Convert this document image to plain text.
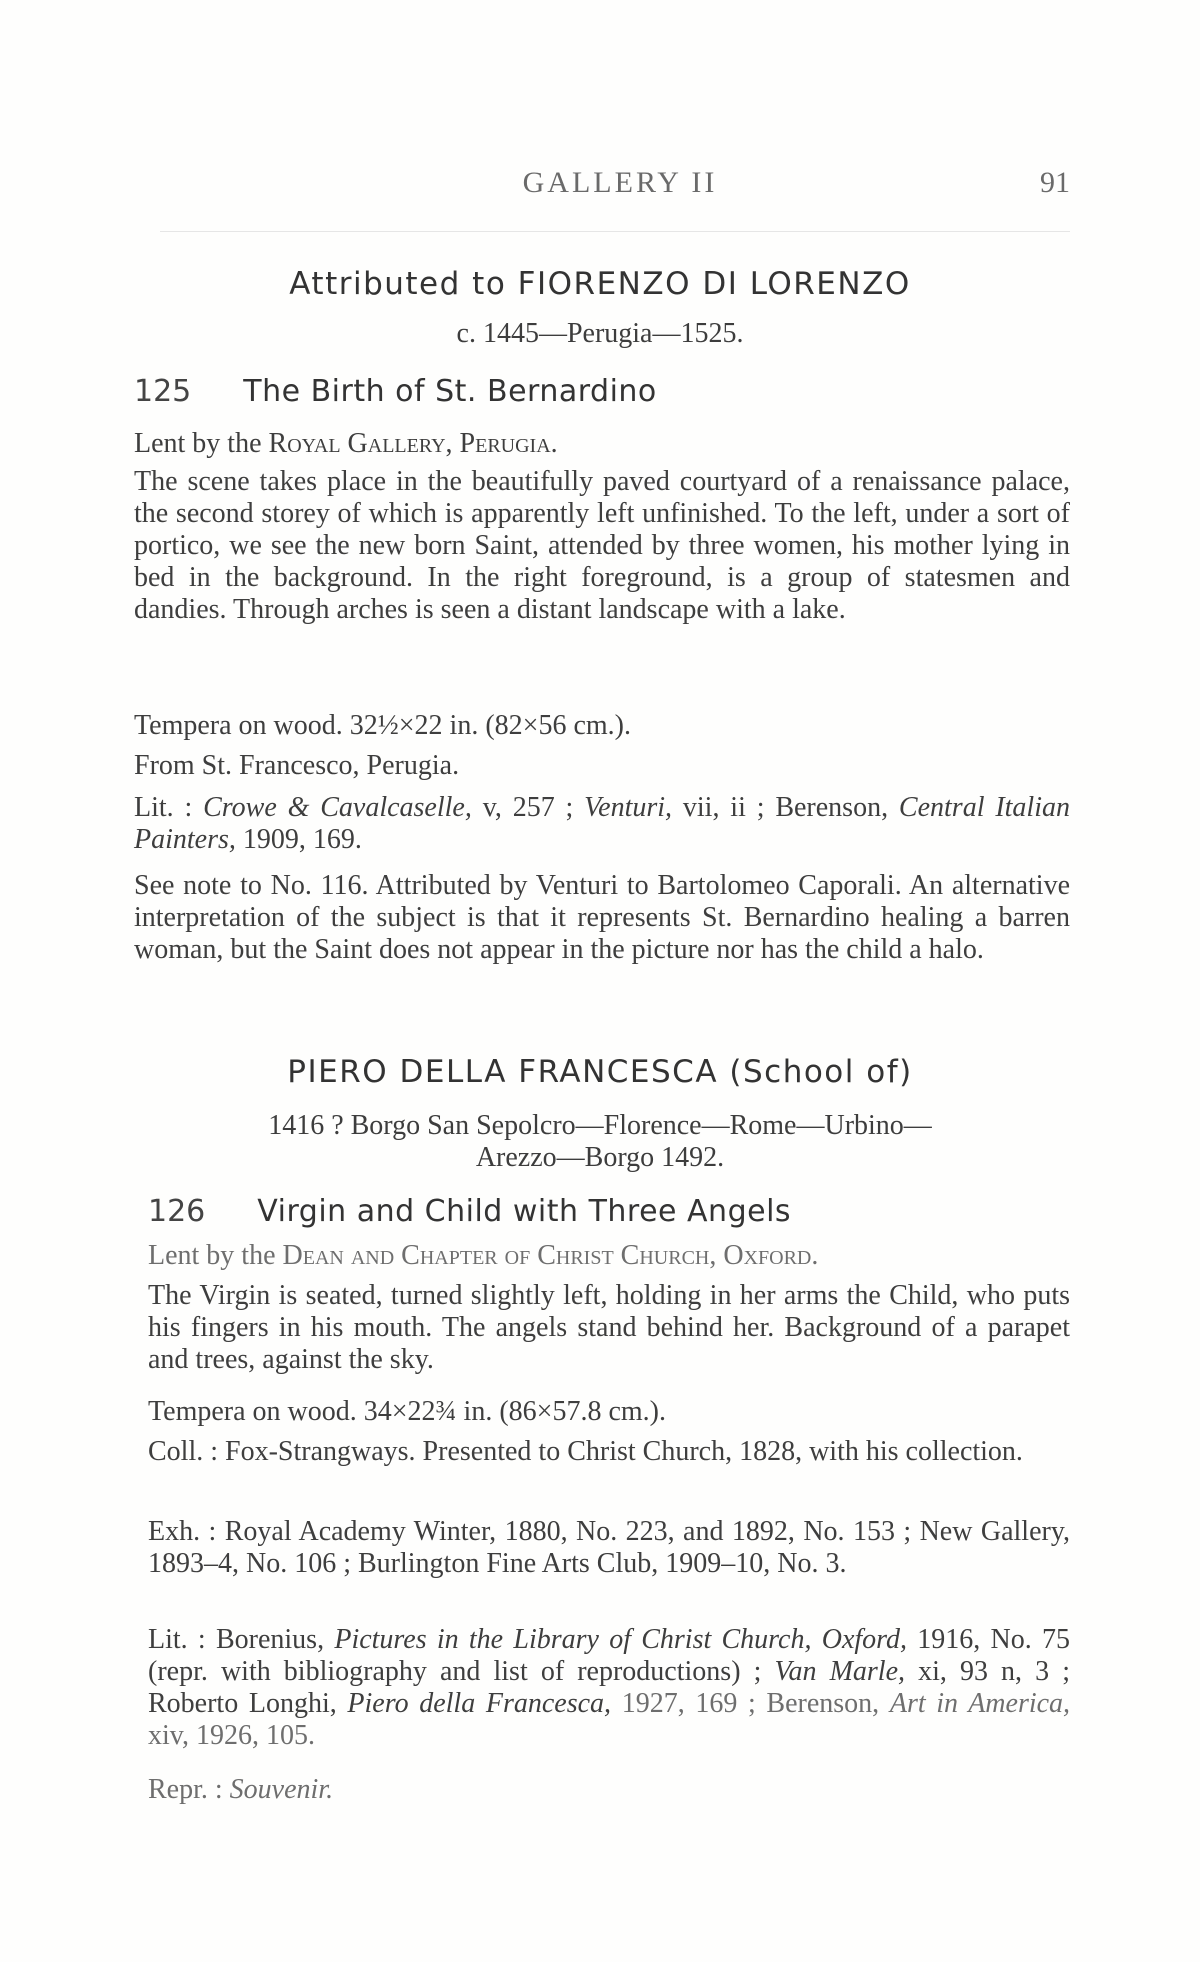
GALLERY II	91
Attributed to FIORENZO DI LORENZO
c. 1445—Perugia—1525.
125 The Birth of St. Bernardino
Lent by the Royal Gallery, Perugia.
The scene takes place in the beautifully paved courtyard of a renaissance palace, the second storey of which is apparently left unfinished. To the left, under a sort of portico, we see the new born Saint, attended by three women, his mother lying in bed in the background. In the right foreground, is a group of statesmen and dandies. Through arches is seen a distant landscape with a lake.
Tempera on wood. 32½×22 in. (82×56 cm.).
From St. Francesco, Perugia.
Lit. : Crowe & Cavalcaselle, v, 257 ; Venturi, vii, ii ; Berenson, Central Italian Painters, 1909, 169.
See note to No. 116. Attributed by Venturi to Bartolomeo Caporali. An alternative interpretation of the subject is that it represents St. Bernardino healing a barren woman, but the Saint does not appear in the picture nor has the child a halo.
PIERO DELLA FRANCESCA (School of)
1416 ? Borgo San Sepolcro—Florence—Rome—Urbino—
Arezzo—Borgo 1492.
126 Virgin and Child with Three Angels
Lent by the Dean and Chapter of Christ Church, Oxford.
The Virgin is seated, turned slightly left, holding in her arms the Child, who puts his fingers in his mouth. The angels stand behind her. Background of a parapet and trees, against the sky.
Tempera on wood. 34×22¾ in. (86×57.8 cm.).
Coll. : Fox-Strangways. Presented to Christ Church, 1828, with his collection.
Exh. : Royal Academy Winter, 1880, No. 223, and 1892, No. 153 ; New Gallery, 1893–4, No. 106 ; Burlington Fine Arts Club, 1909–10, No. 3.
Lit. : Borenius, Pictures in the Library of Christ Church, Oxford, 1916, No. 75 (repr. with bibliography and list of reproductions) ; Van Marle, xi, 93 n, 3 ; Roberto Longhi, Piero della Francesca, 1927, 169 ; Berenson, Art in America, xiv, 1926, 105.
Repr. : Souvenir.
